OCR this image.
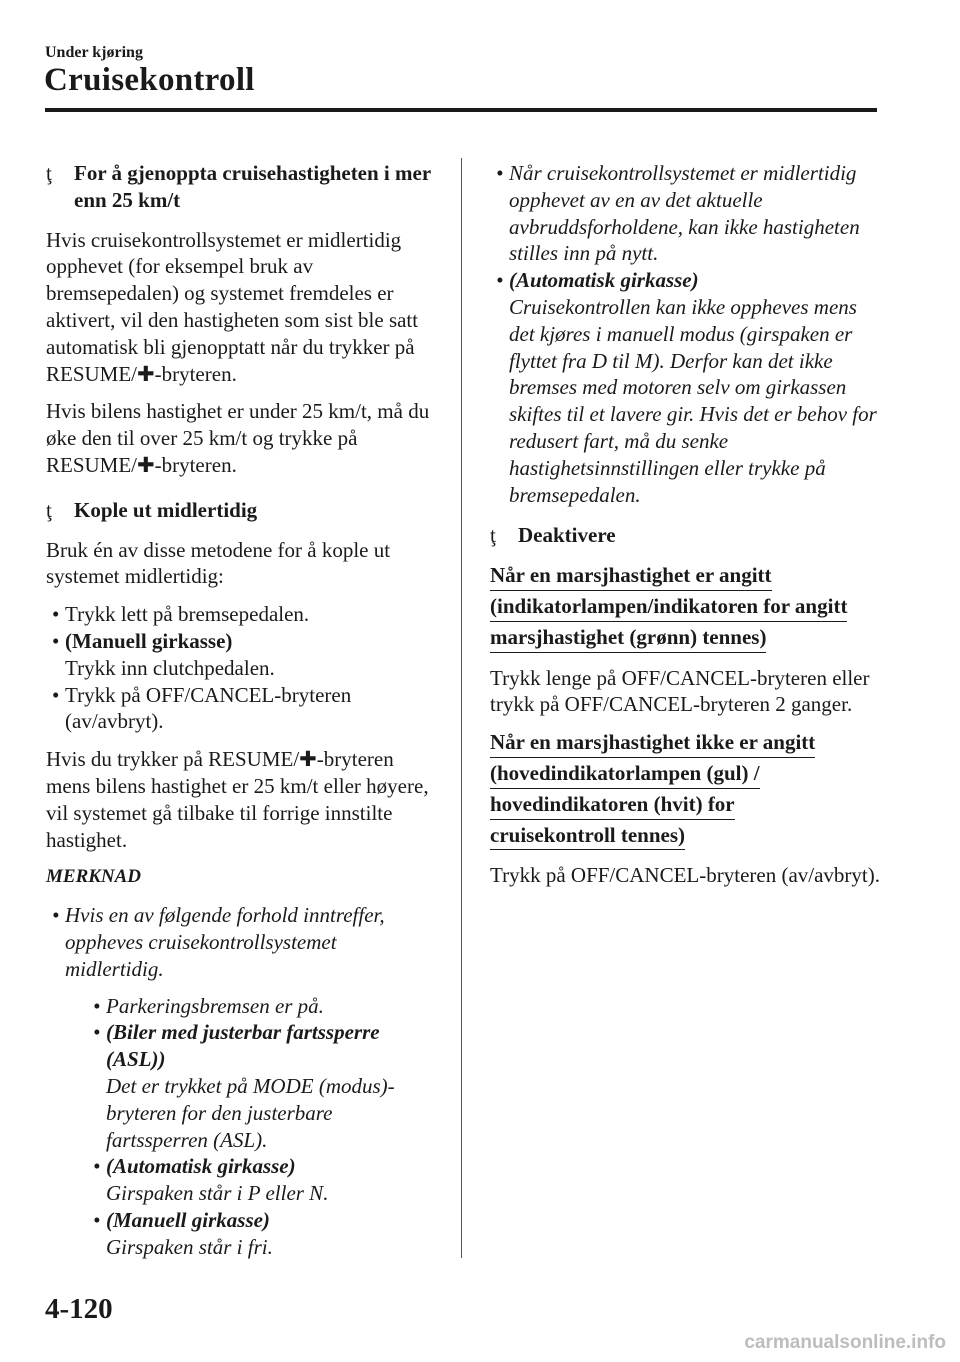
Under kjøring
Cruisekontroll
ţ For å gjenoppta cruisehastigheten i mer enn 25 km/t

Hvis cruisekontrollsystemet er midlertidig opphevet (for eksempel bruk av bremsepedalen) og systemet fremdeles er aktivert, vil den hastigheten som sist ble satt automatisk bli gjenopptatt når du trykker på RESUME/✚-bryteren.

Hvis bilens hastighet er under 25 km/t, må du øke den til over 25 km/t og trykke på RESUME/✚-bryteren.

ţ Kople ut midlertidig

Bruk én av disse metodene for å kople ut systemet midlertidig:

• Trykk lett på bremsepedalen.
• (Manuell girkasse)
Trykk inn clutchpedalen.
• Trykk på OFF/CANCEL-bryteren (av/avbryt).

Hvis du trykker på RESUME/✚-bryteren mens bilens hastighet er 25 km/t eller høyere, vil systemet gå tilbake til forrige innstilte hastighet.

MERKNAD
• Hvis en av følgende forhold inntreffer, oppheves cruisekontrollsystemet midlertidig.
• Parkeringsbremsen er på.
• (Biler med justerbar fartssperre (ASL))
Det er trykket på MODE (modus)-bryteren for den justerbare fartssperren (ASL).
• (Automatisk girkasse)
Girspaken står i P eller N.
• (Manuell girkasse)
Girspaken står i fri.
• Når cruisekontrollsystemet er midlertidig opphevet av en av det aktuelle avbruddsforholdene, kan ikke hastigheten stilles inn på nytt.
• (Automatisk girkasse)
Cruisekontrollen kan ikke oppheves mens det kjøres i manuell modus (girspaken er flyttet fra D til M). Derfor kan det ikke bremses med motoren selv om girkassen skiftes til et lavere gir. Hvis det er behov for redusert fart, må du senke hastighetsinnstillingen eller trykke på bremsepedalen.
ţ Deaktivere
Når en marsjhastighet er angitt
(indikatorlampen/indikatoren for angitt
marsjhastighet (grønn) tennes)

Trykk lenge på OFF/CANCEL-bryteren eller trykk på OFF/CANCEL-bryteren 2 ganger.

Når en marsjhastighet ikke er angitt
(hovedindikatorlampen (gul) /
hovedindikatoren (hvit) for
cruisekontroll tennes)

Trykk på OFF/CANCEL-bryteren (av/avbryt).

4-120
carmanualsonline.info
